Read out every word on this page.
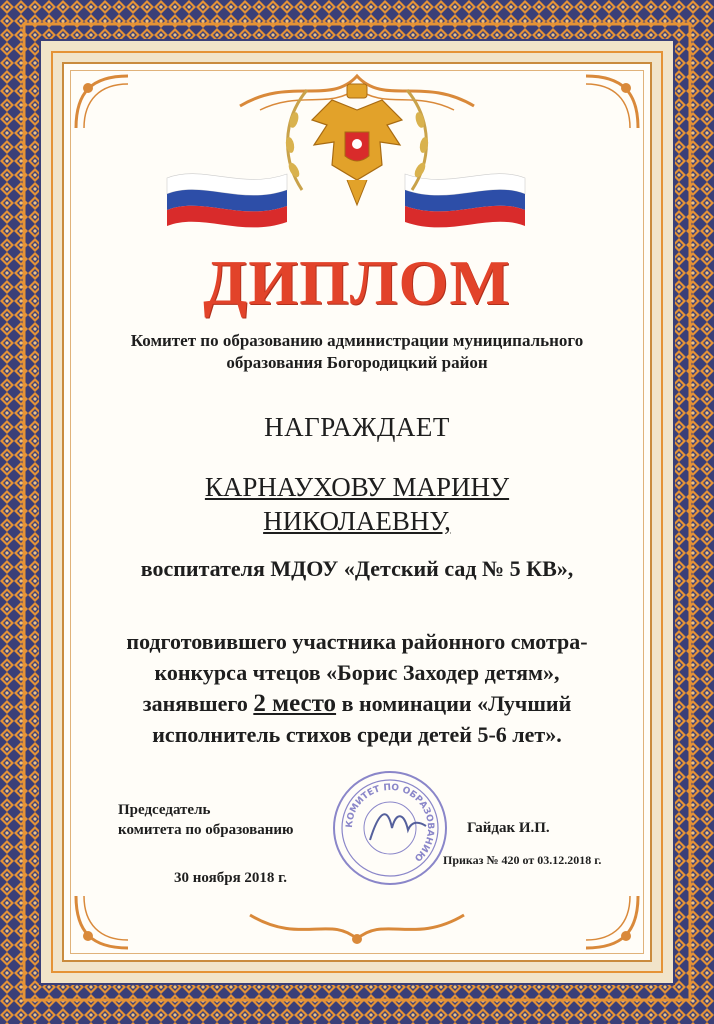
ДИПЛОМ
Комитет по образованию администрации муниципального
образования Богородицкий район
НАГРАЖДАЕТ
КАРНАУХОВУ МАРИНУ
НИКОЛАЕВНУ,
воспитателя МДОУ «Детский сад № 5 КВ»,
подготовившего участника районного смотра-
конкурса чтецов «Борис Заходер детям»,
занявшего 2 место в номинации «Лучший
исполнитель стихов среди детей 5-6 лет».
Председатель
комитета по образованию	КОМИТЕТ ПО ОБРАЗОВАНИЮ
Гайдак И.П.
Приказ № 420 от 03.12.2018 г.
30 ноября 2018 г.
